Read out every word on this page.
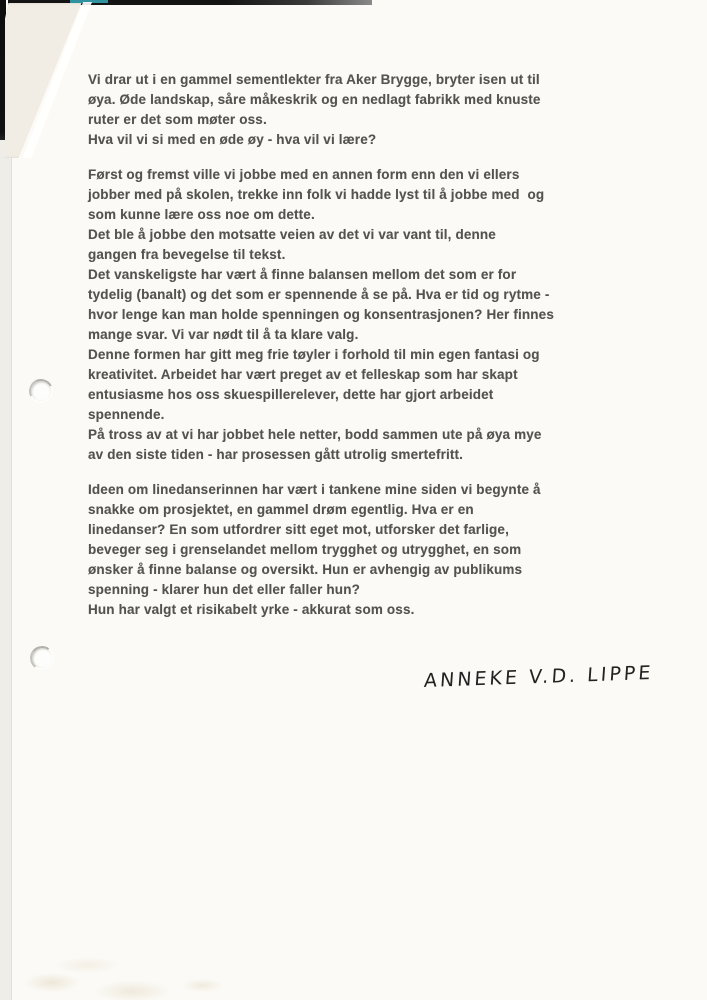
Vi drar ut i en gammel sementlekter fra Aker Brygge, bryter isen ut til
øya. Øde landskap, såre måkeskrik og en nedlagt fabrikk med knuste
ruter er det som møter oss.
Hva vil vi si med en øde øy - hva vil vi lære?
Først og fremst ville vi jobbe med en annen form enn den vi ellers
jobber med på skolen, trekke inn folk vi hadde lyst til å jobbe med  og
som kunne lære oss noe om dette.
Det ble å jobbe den motsatte veien av det vi var vant til, denne
gangen fra bevegelse til tekst.
Det vanskeligste har vært å finne balansen mellom det som er for
tydelig (banalt) og det som er spennende å se på. Hva er tid og rytme -
hvor lenge kan man holde spenningen og konsentrasjonen? Her finnes
mange svar. Vi var nødt til å ta klare valg.
Denne formen har gitt meg frie tøyler i forhold til min egen fantasi og
kreativitet. Arbeidet har vært preget av et felleskap som har skapt
entusiasme hos oss skuespillerelever, dette har gjort arbeidet
spennende.
På tross av at vi har jobbet hele netter, bodd sammen ute på øya mye
av den siste tiden - har prosessen gått utrolig smertefritt.
Ideen om linedanserinnen har vært i tankene mine siden vi begynte å
snakke om prosjektet, en gammel drøm egentlig. Hva er en
linedanser? En som utfordrer sitt eget mot, utforsker det farlige,
beveger seg i grenselandet mellom trygghet og utrygghet, en som
ønsker å finne balanse og oversikt. Hun er avhengig av publikums
spenning - klarer hun det eller faller hun?
Hun har valgt et risikabelt yrke - akkurat som oss.
ANNEKE V.D. LIPPE
